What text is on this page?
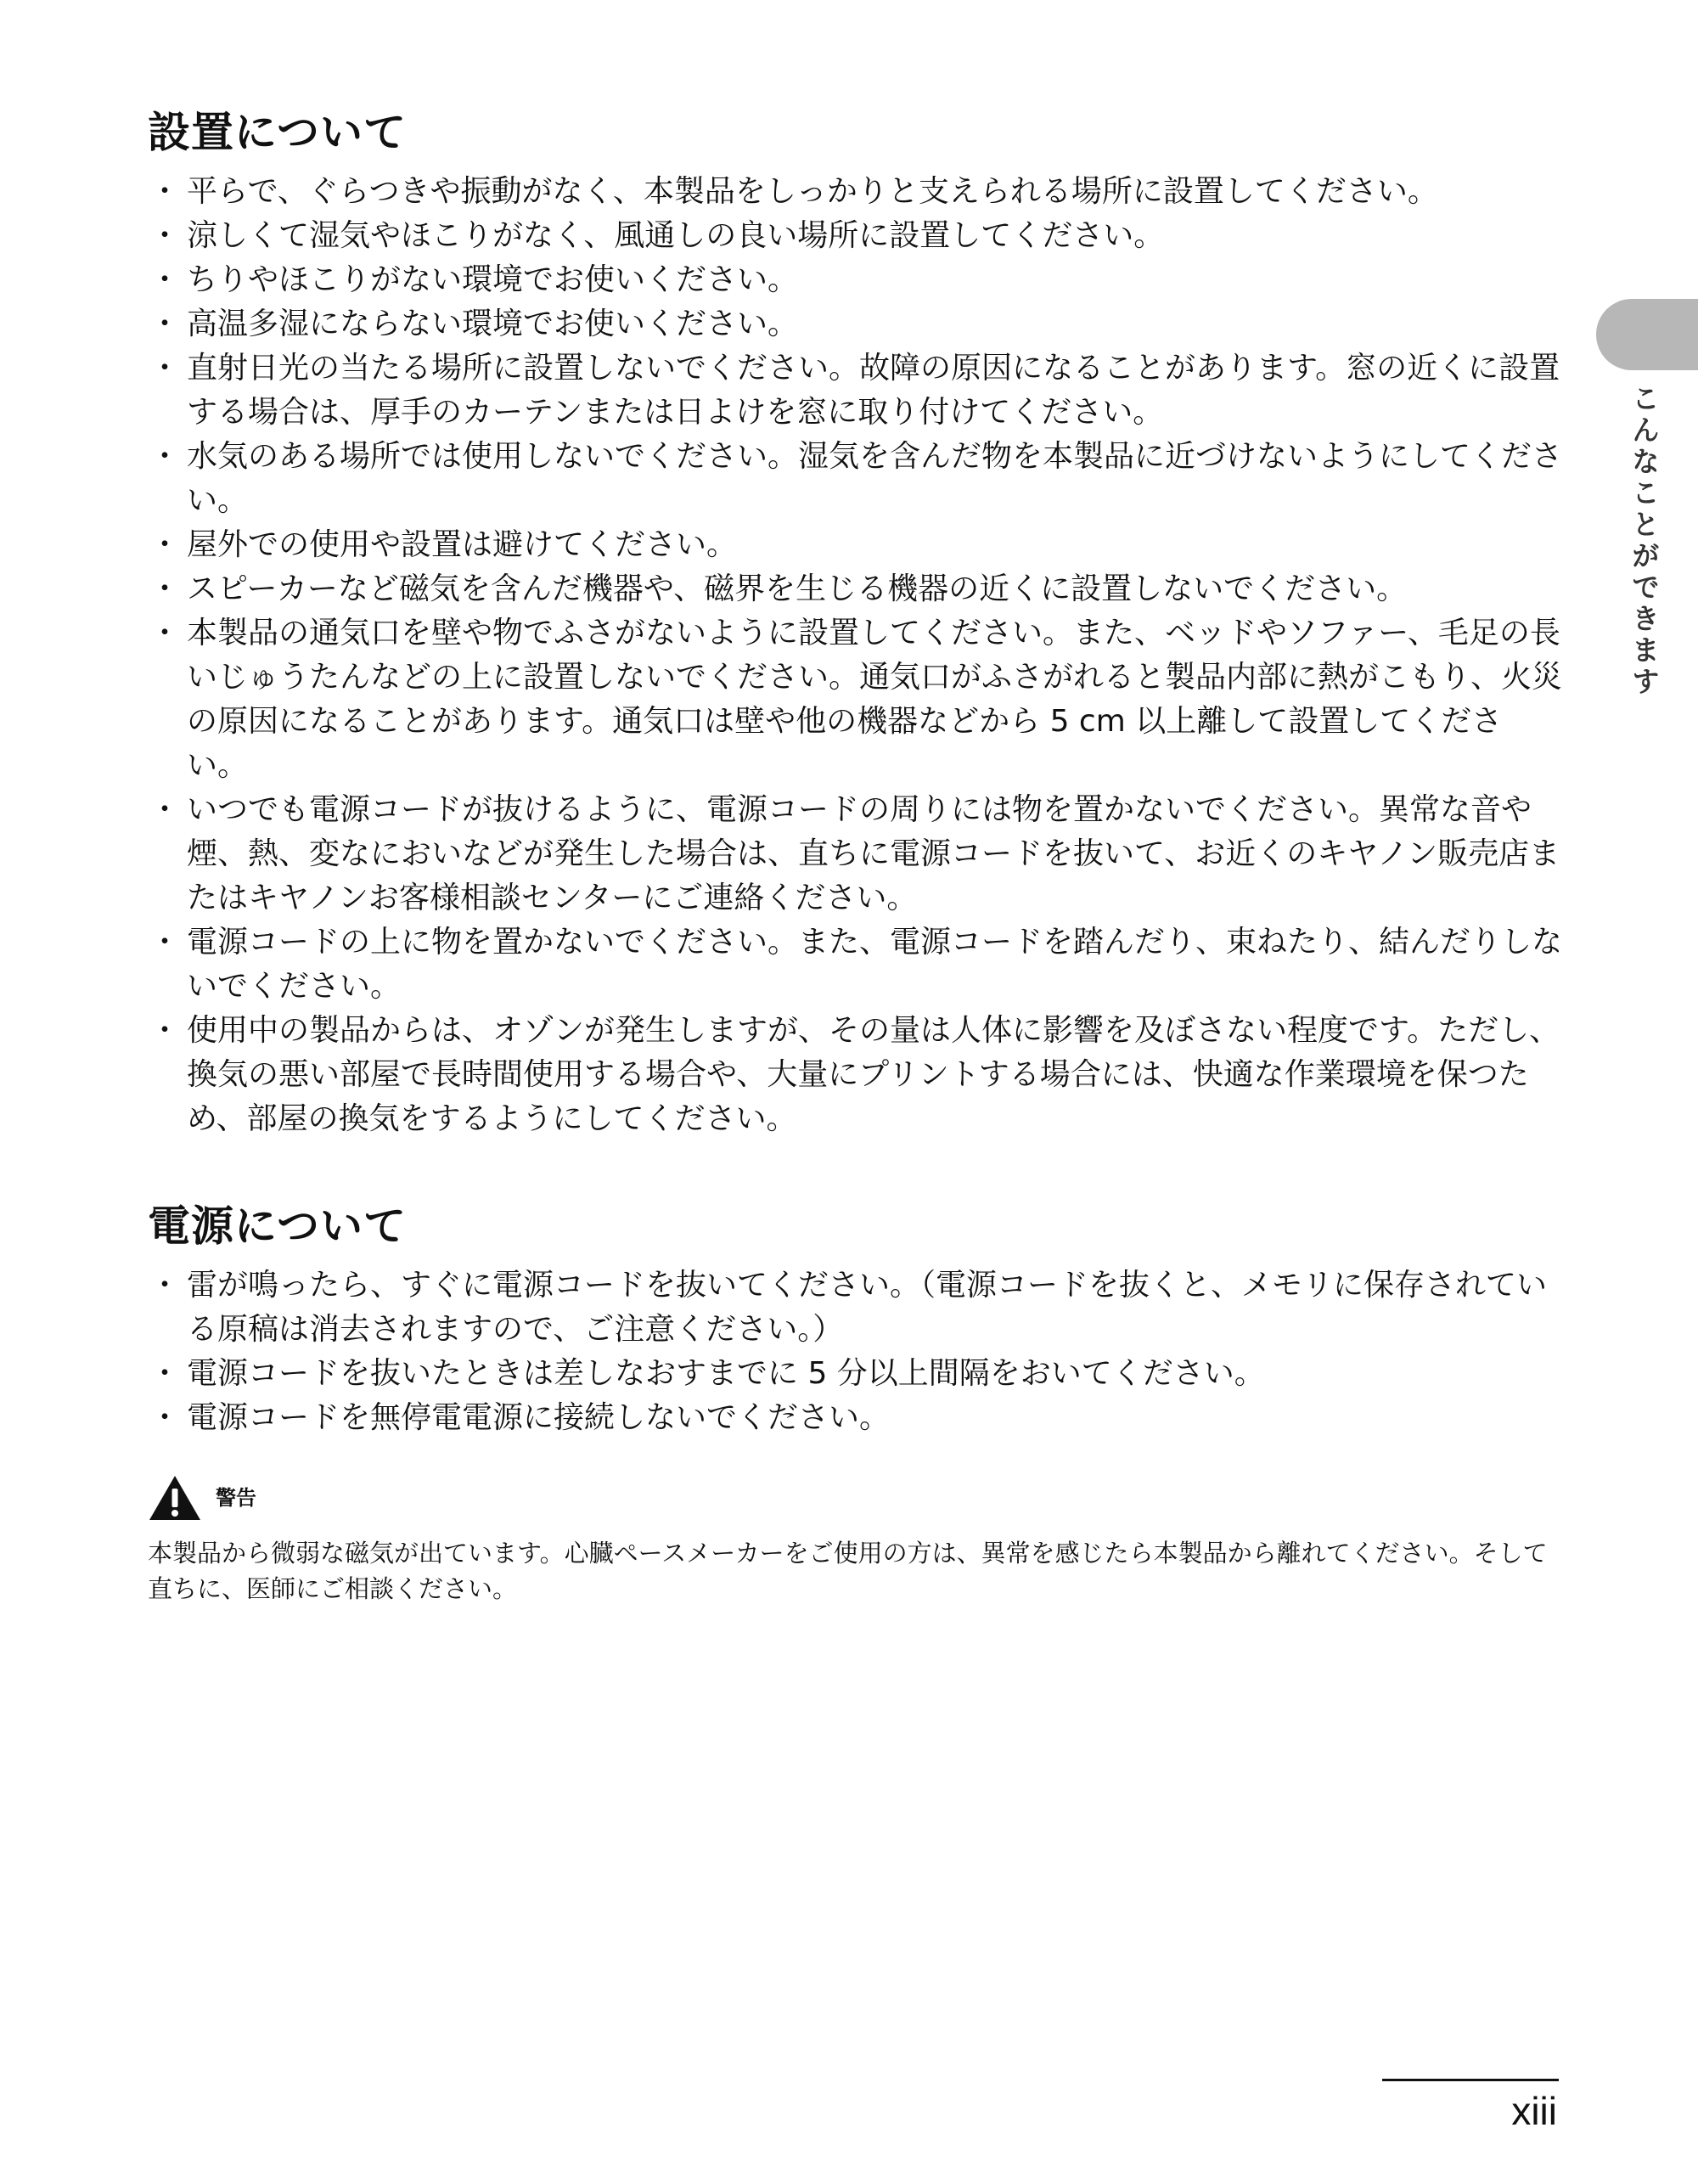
設置について
・ 平らで、ぐらつきや振動がなく、本製品をしっかりと支えられる場所に設置してください。
・ 涼しくて湿気やほこりがなく、風通しの良い場所に設置してください。
・ ちりやほこりがない環境でお使いください。
・ 高温多湿にならない環境でお使いください。
・ 直射日光の当たる場所に設置しないでください。故障の原因になることがあります。窓の近くに設置する場合は、厚手のカーテンまたは日よけを窓に取り付けてください。
・ 水気のある場所では使用しないでください。湿気を含んだ物を本製品に近づけないようにしてください。
・ 屋外での使用や設置は避けてください。
・ スピーカーなど磁気を含んだ機器や、磁界を生じる機器の近くに設置しないでください。
・ 本製品の通気口を壁や物でふさがないように設置してください。また、ベッドやソファー、毛足の長いじゅうたんなどの上に設置しないでください。通気口がふさがれると製品内部に熱がこもり、火災の原因になることがあります。通気口は壁や他の機器などから 5 cm 以上離して設置してください。
・ いつでも電源コードが抜けるように、電源コードの周りには物を置かないでください。異常な音や煙、熱、変なにおいなどが発生した場合は、直ちに電源コードを抜いて、お近くのキヤノン販売店またはキヤノンお客様相談センターにご連絡ください。
・ 電源コードの上に物を置かないでください。また、電源コードを踏んだり、束ねたり、結んだりしないでください。
・ 使用中の製品からは、オゾンが発生しますが、その量は人体に影響を及ぼさない程度です。ただし、換気の悪い部屋で長時間使用する場合や、大量にプリントする場合には、快適な作業環境を保つため、部屋の換気をするようにしてください。
電源について
・ 雷が鳴ったら、すぐに電源コードを抜いてください。（電源コードを抜くと、メモリに保存されている原稿は消去されますので、ご注意ください。）
・ 電源コードを抜いたときは差しなおすまでに 5 分以上間隔をおいてください。
・ 電源コードを無停電電源に接続しないでください。
警告

本製品から微弱な磁気が出ています。心臓ペースメーカーをご使用の方は、異常を感じたら本製品から離れてください。そして直ちに、医師にご相談ください。

こんなことができます
xiii
